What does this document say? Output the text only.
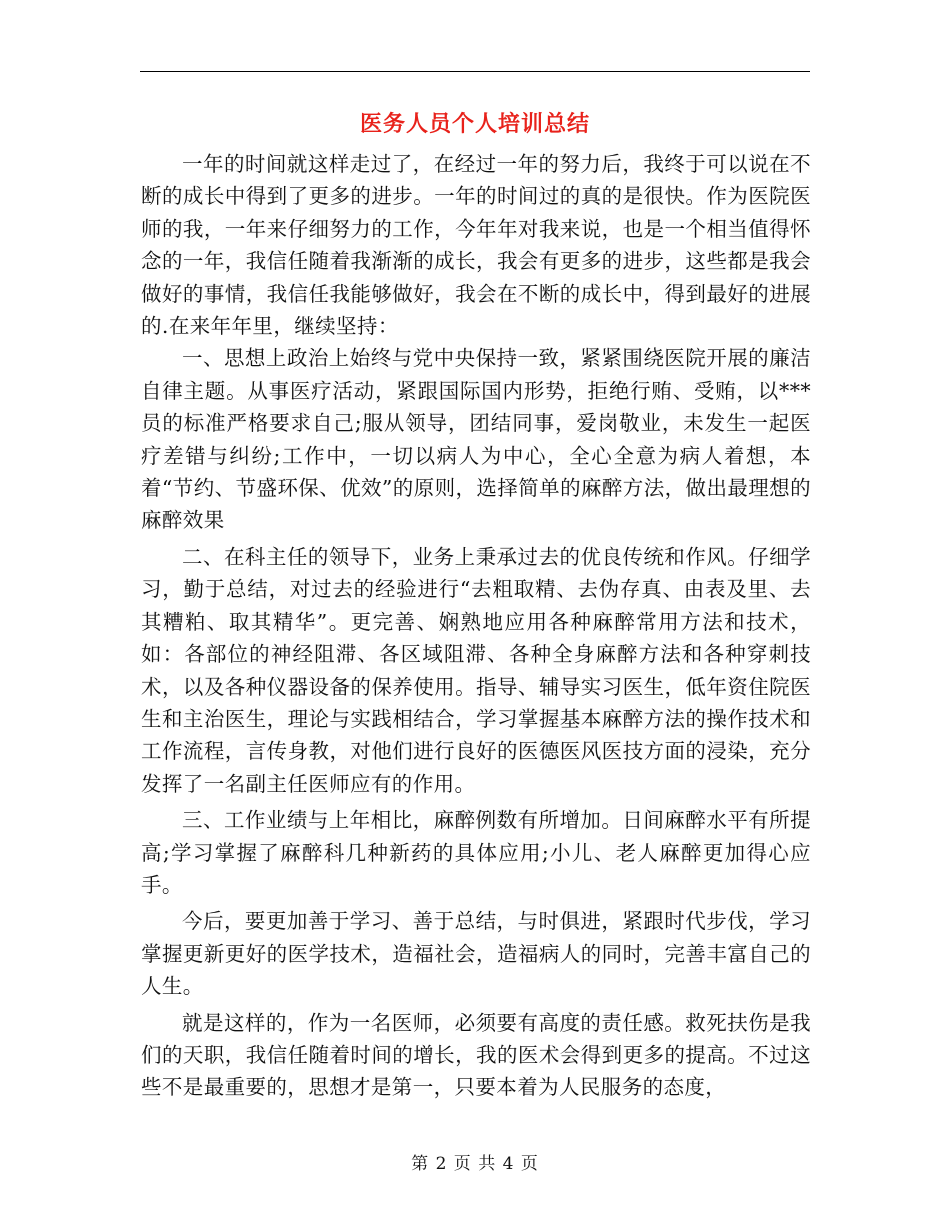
医务人员个人培训总结

一年的时间就这样走过了，在经过一年的努力后，我终于可以说在不断的成长中得到了更多的进步。一年的时间过的真的是很快。作为医院医师的我，一年来仔细努力的工作，今年年对我来说，也是一个相当值得怀念的一年，我信任随着我渐渐的成长，我会有更多的进步，这些都是我会做好的事情，我信任我能够做好，我会在不断的成长中，得到最好的进展的.在来年年里，继续坚持：

一、思想上政治上始终与党中央保持一致，紧紧围绕医院开展的廉洁自律主题。从事医疗活动，紧跟国际国内形势，拒绝行贿、受贿，以***员的标准严格要求自己;服从领导，团结同事，爱岗敬业，未发生一起医疗差错与纠纷;工作中，一切以病人为中心，全心全意为病人着想，本着“节约、节盛环保、优效”的原则，选择简单的麻醉方法，做出最理想的麻醉效果

二、在科主任的领导下，业务上秉承过去的优良传统和作风。仔细学习，勤于总结，对过去的经验进行“去粗取精、去伪存真、由表及里、去其糟粕、取其精华”。更完善、娴熟地应用各种麻醉常用方法和技术，如：各部位的神经阻滞、各区域阻滞、各种全身麻醉方法和各种穿刺技术，以及各种仪器设备的保养使用。指导、辅导实习医生，低年资住院医生和主治医生，理论与实践相结合，学习掌握基本麻醉方法的操作技术和工作流程，言传身教，对他们进行良好的医德医风医技方面的浸染，充分发挥了一名副主任医师应有的作用。

三、工作业绩与上年相比，麻醉例数有所增加。日间麻醉水平有所提高;学习掌握了麻醉科几种新药的具体应用;小儿、老人麻醉更加得心应手。

今后，要更加善于学习、善于总结，与时俱进，紧跟时代步伐，学习掌握更新更好的医学技术，造福社会，造福病人的同时，完善丰富自己的人生。

就是这样的，作为一名医师，必须要有高度的责任感。救死扶伤是我们的天职，我信任随着时间的增长，我的医术会得到更多的提高。不过这些不是最重要的，思想才是第一，只要本着为人民服务的态度，

第 2 页 共 4 页
